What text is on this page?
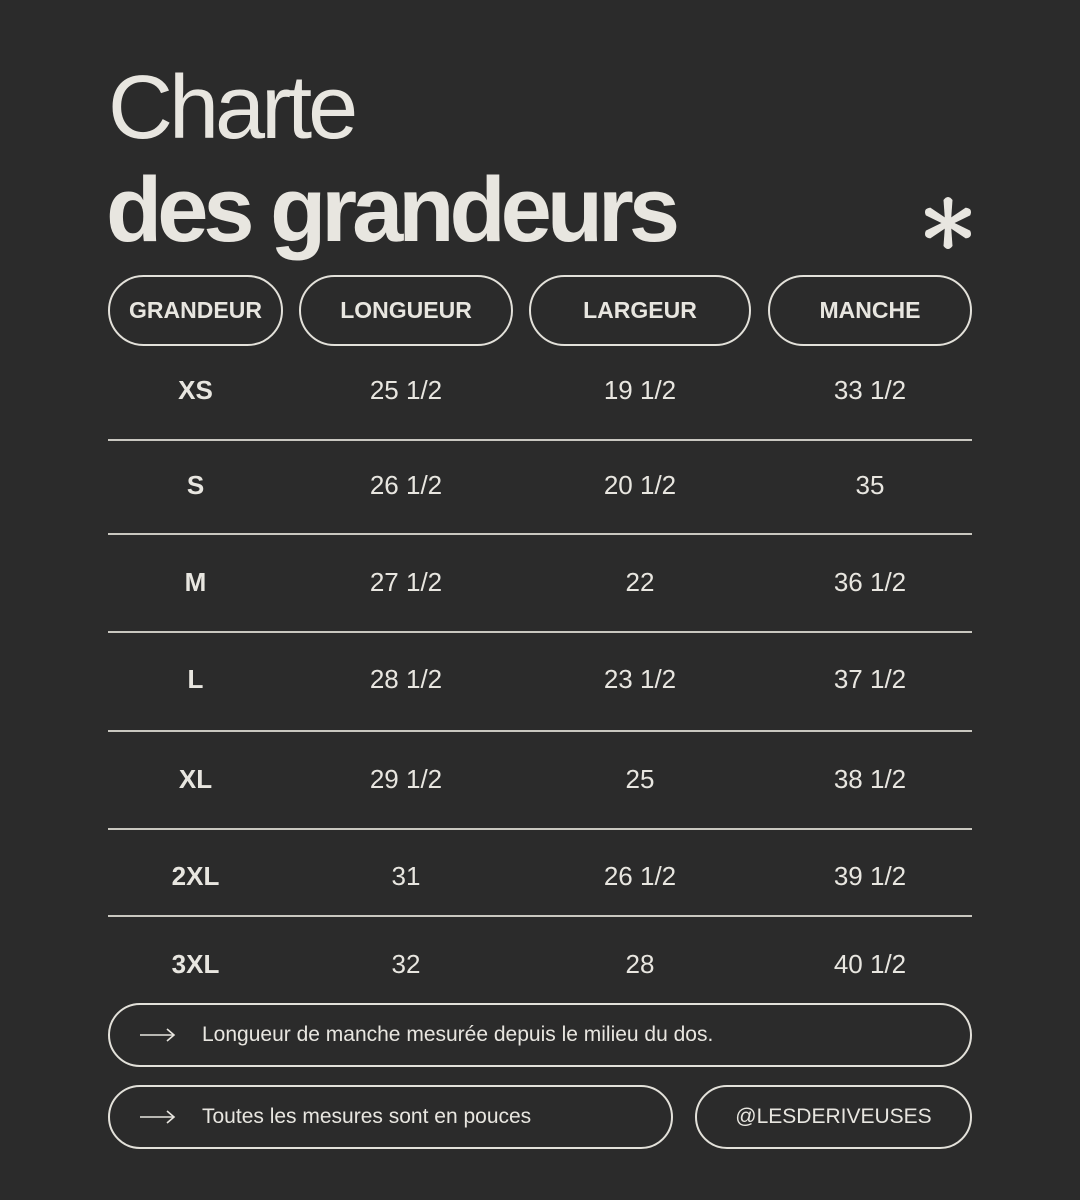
Charte
des grandeurs
GRANDEUR	LONGUEUR	LARGEUR	MANCHE
XS	25 1/2	19 1/2	33 1/2
S	26 1/2	20 1/2	35
M	27 1/2	22	36 1/2
L	28 1/2	23 1/2	37 1/2
XL	29 1/2	25	38 1/2
2XL	31	26 1/2	39 1/2
3XL	32	28	40 1/2
Longueur de manche mesurée depuis le milieu du dos.
Toutes les mesures sont en pouces	@LESDERIVEUSES
